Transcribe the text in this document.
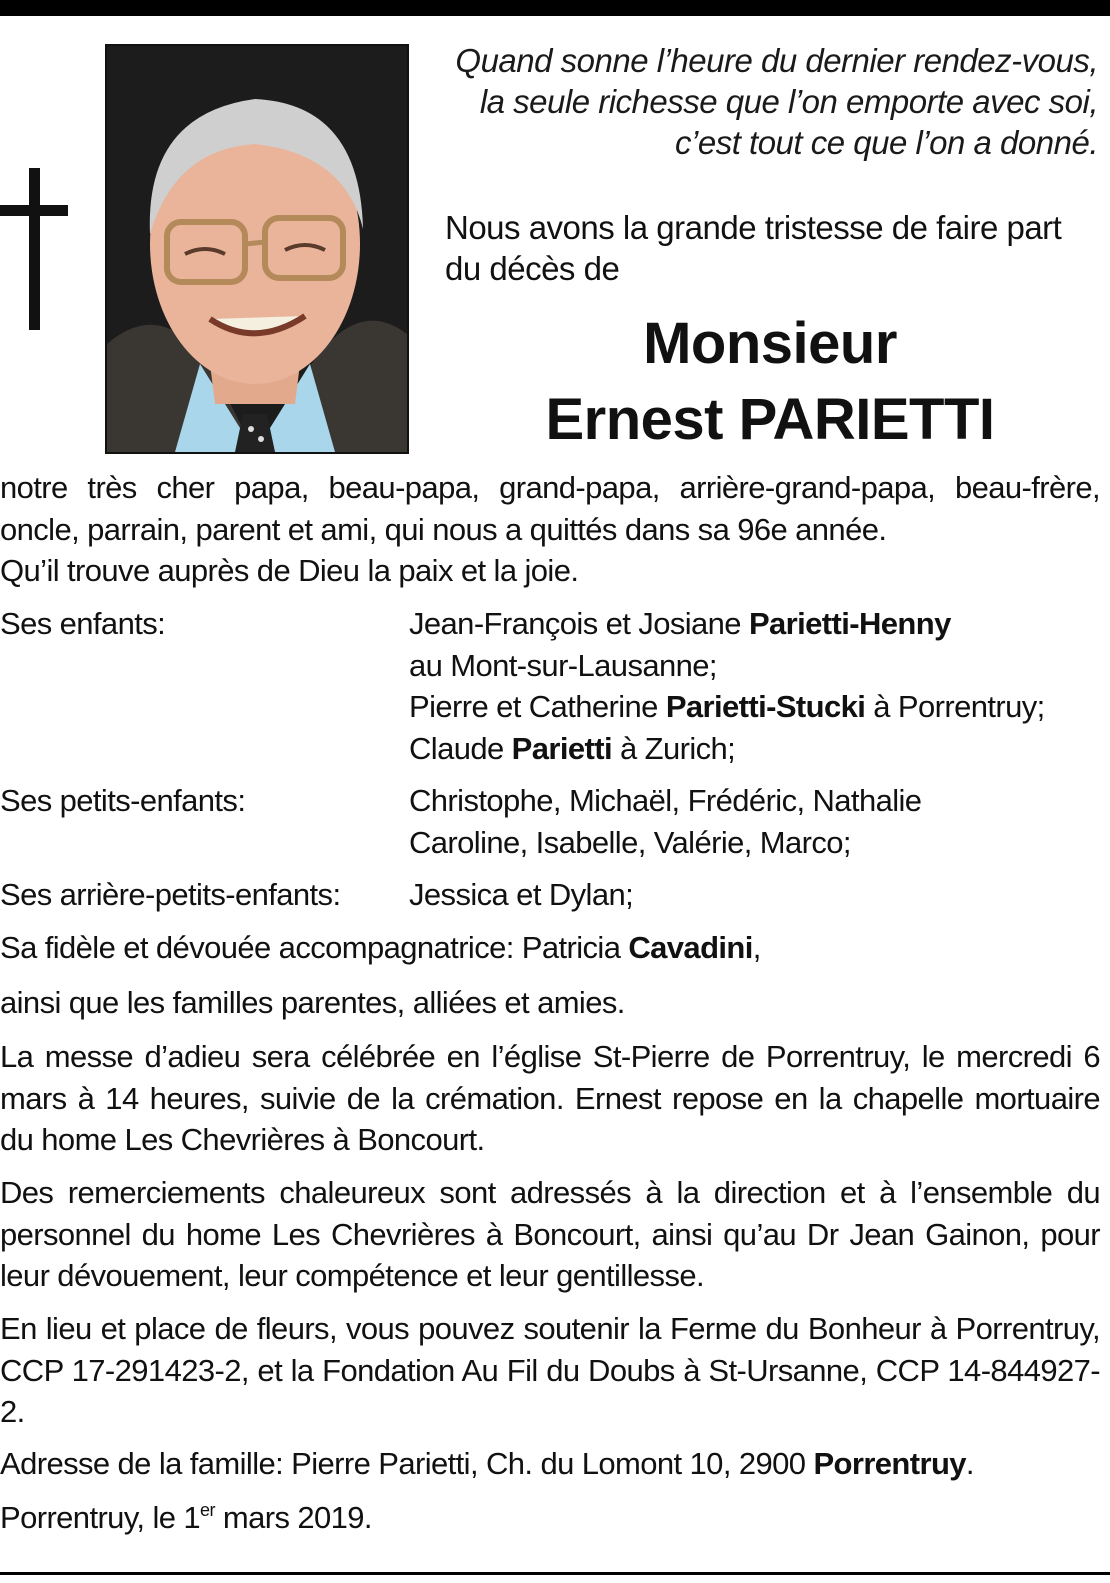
Quand sonne l’heure du dernier rendez-vous,
la seule richesse que l’on emporte avec soi,
c’est tout ce que l’on a donné.
Nous avons la grande tristesse de faire part
du décès de
Monsieur
Ernest PARIETTI

notre très cher papa, beau-papa, grand-papa, arrière-grand-papa, beau-frère, oncle, parrain, parent et ami, qui nous a quittés dans sa 96e année.

Qu’il trouve auprès de Dieu la paix et la joie.

Ses enfants:	Jean-François et Josiane Parietti-Henny
au Mont-sur-Lausanne;
Pierre et Catherine Parietti-Stucki à Porrentruy;
Claude Parietti à Zurich;
Ses petits-enfants:	Christophe, Michaël, Frédéric, Nathalie
Caroline, Isabelle, Valérie, Marco;
Ses arrière-petits-enfants: Jessica et Dylan;

Sa fidèle et dévouée accompagnatrice: Patricia Cavadini,

ainsi que les familles parentes, alliées et amies.

La messe d’adieu sera célébrée en l’église St-Pierre de Porrentruy, le mercredi 6 mars à 14 heures, suivie de la crémation. Ernest repose en la chapelle mortuaire du home Les Chevrières à Boncourt.

Des remerciements chaleureux sont adressés à la direction et à l’ensemble du personnel du home Les Chevrières à Boncourt, ainsi qu’au Dr Jean Gainon, pour leur dévouement, leur compétence et leur gentillesse.

En lieu et place de fleurs, vous pouvez soutenir la Ferme du Bonheur à Porrentruy, CCP 17-291423-2, et la Fondation Au Fil du Doubs à St-Ursanne, CCP 14-844927-2.

Adresse de la famille: Pierre Parietti, Ch. du Lomont 10, 2900 Porrentruy.

Porrentruy, le 1er mars 2019.
